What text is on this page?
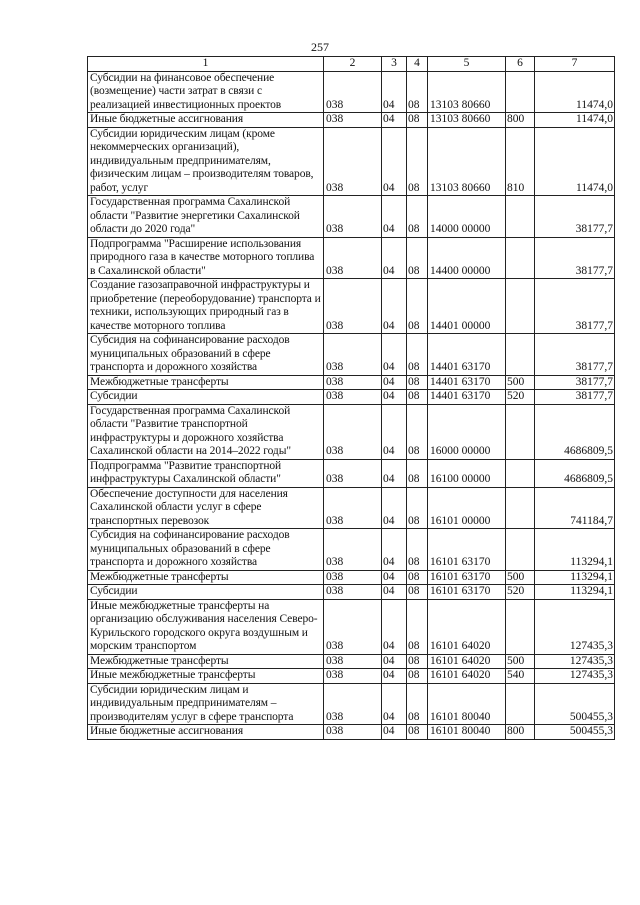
257
1	2	3	4	5	6	7
Субсидии на финансовое обеспечение (возмещение) части затрат в связи с реализацией инвестиционных проектов	038	04	08	13103 80660		11474,0
Иные бюджетные ассигнования	038	04	08	13103 80660	800	11474,0
Субсидии юридическим лицам (кроме некоммерческих организаций), индивидуальным предпринимателям, физическим лицам – производителям товаров, работ, услуг	038	04	08	13103 80660	810	11474,0
Государственная программа Сахалинской области "Развитие энергетики Сахалинской области до 2020 года"	038	04	08	14000 00000		38177,7
Подпрограмма "Расширение использования природного газа в качестве моторного топлива в Сахалинской области"	038	04	08	14400 00000		38177,7
Создание газозаправочной инфраструктуры и приобретение (переоборудование) транспорта и техники, использующих природный газ в качестве моторного топлива	038	04	08	14401 00000		38177,7
Субсидия на софинансирование расходов муниципальных образований в сфере транспорта и дорожного хозяйства	038	04	08	14401 63170		38177,7
Межбюджетные трансферты	038	04	08	14401 63170	500	38177,7
Субсидии	038	04	08	14401 63170	520	38177,7
Государственная программа Сахалинской области "Развитие транспортной инфраструктуры и дорожного хозяйства Сахалинской области на 2014–2022 годы"	038	04	08	16000 00000		4686809,5
Подпрограмма "Развитие транспортной инфраструктуры Сахалинской области"	038	04	08	16100 00000		4686809,5
Обеспечение доступности для населения Сахалинской области услуг в сфере транспортных перевозок	038	04	08	16101 00000		741184,7
Субсидия на софинансирование расходов муниципальных образований в сфере транспорта и дорожного хозяйства	038	04	08	16101 63170		113294,1
Межбюджетные трансферты	038	04	08	16101 63170	500	113294,1
Субсидии	038	04	08	16101 63170	520	113294,1
Иные межбюджетные трансферты на организацию обслуживания населения Северо-Курильского городского округа воздушным и морским транспортом	038	04	08	16101 64020		127435,3
Межбюджетные трансферты	038	04	08	16101 64020	500	127435,3
Иные межбюджетные трансферты	038	04	08	16101 64020	540	127435,3
Субсидии юридическим лицам и индивидуальным предпринимателям – производителям услуг в сфере транспорта	038	04	08	16101 80040		500455,3
Иные бюджетные ассигнования	038	04	08	16101 80040	800	500455,3
